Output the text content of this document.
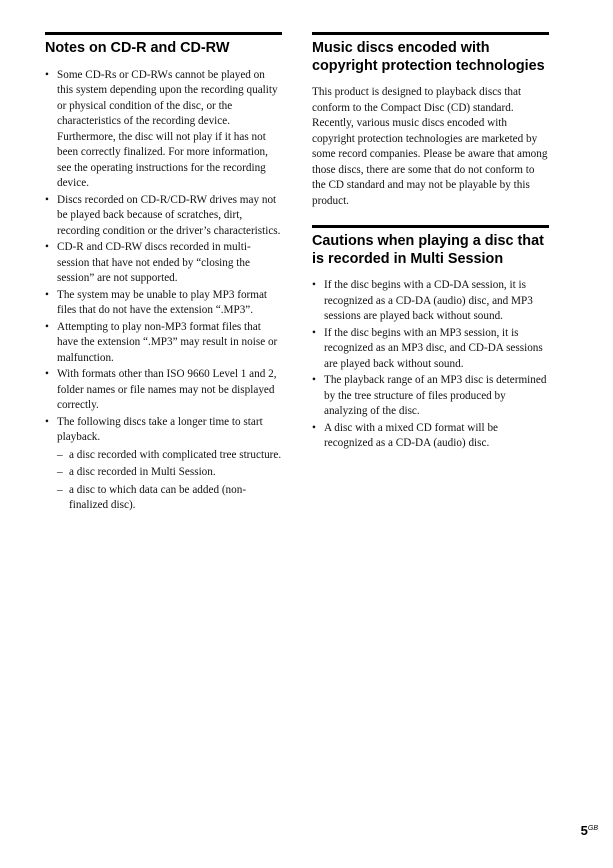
Notes on CD-R and CD-RW
• Some CD-Rs or CD-RWs cannot be played on this system depending upon the recording quality or physical condition of the disc, or the characteristics of the recording device. Furthermore, the disc will not play if it has not been correctly finalized. For more information, see the operating instructions for the recording device.
• Discs recorded on CD-R/CD-RW drives may not be played back because of scratches, dirt, recording condition or the driver’s characteristics.
• CD-R and CD-RW discs recorded in multi-session that have not ended by “closing the session” are not supported.
• The system may be unable to play MP3 format files that do not have the extension “.MP3”.
• Attempting to play non-MP3 format files that have the extension “.MP3” may result in noise or malfunction.
• With formats other than ISO 9660 Level 1 and 2, folder names or file names may not be displayed correctly.
• The following discs take a longer time to start playback.
– a disc recorded with complicated tree structure.
– a disc recorded in Multi Session.
– a disc to which data can be added (non-finalized disc).
Music discs encoded with copyright protection technologies

This product is designed to playback discs that conform to the Compact Disc (CD) standard. Recently, various music discs encoded with copyright protection technologies are marketed by some record companies. Please be aware that among those discs, there are some that do not conform to the CD standard and may not be playable by this product.

Cautions when playing a disc that is recorded in Multi Session
• If the disc begins with a CD-DA session, it is recognized as a CD-DA (audio) disc, and MP3 sessions are played back without sound.
• If the disc begins with an MP3 session, it is recognized as an MP3 disc, and CD-DA sessions are played back without sound.
• The playback range of an MP3 disc is determined by the tree structure of files produced by analyzing of the disc.
• A disc with a mixed CD format will be recognized as a CD-DA (audio) disc.
$5^{GB}$
